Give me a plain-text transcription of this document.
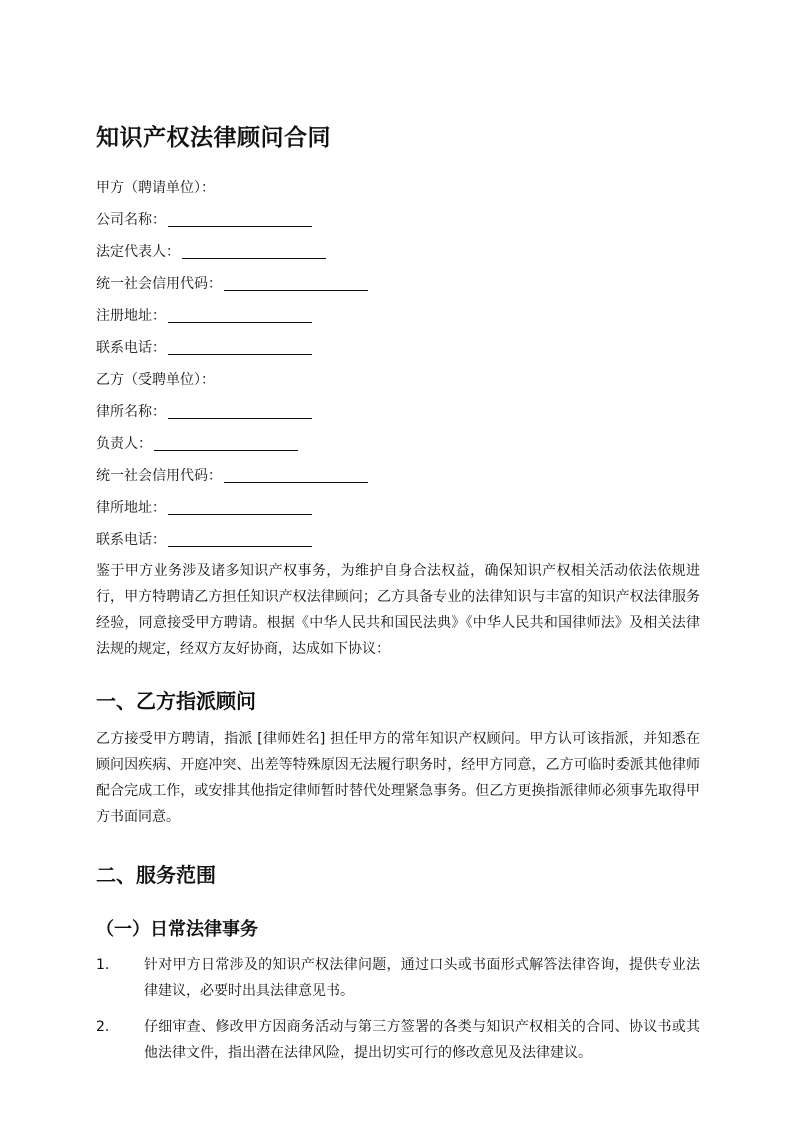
知识产权法律顾问合同
甲方（聘请单位）：
公司名称：
法定代表人：
统一社会信用代码：
注册地址：
联系电话：
乙方（受聘单位）：
律所名称：
负责人：
统一社会信用代码：
律所地址：
联系电话：

鉴于甲方业务涉及诸多知识产权事务，为维护自身合法权益，确保知识产权相关活动依法依规进行，甲方特聘请乙方担任知识产权法律顾问；乙方具备专业的法律知识与丰富的知识产权法律服务经验，同意接受甲方聘请。根据《中华人民共和国民法典》《中华人民共和国律师法》及相关法律法规的规定，经双方友好协商，达成如下协议：

一、乙方指派顾问

乙方接受甲方聘请，指派 [律师姓名] 担任甲方的常年知识产权顾问。甲方认可该指派，并知悉在顾问因疾病、开庭冲突、出差等特殊原因无法履行职务时，经甲方同意，乙方可临时委派其他律师配合完成工作，或安排其他指定律师暂时替代处理紧急事务。但乙方更换指派律师必须事先取得甲方书面同意。

二、服务范围
（一）日常法律事务
1.	针对甲方日常涉及的知识产权法律问题，通过口头或书面形式解答法律咨询，提供专业法律建议，必要时出具法律意见书。
2.	仔细审查、修改甲方因商务活动与第三方签署的各类与知识产权相关的合同、协议书或其他法律文件，指出潜在法律风险，提出切实可行的修改意见及法律建议。
